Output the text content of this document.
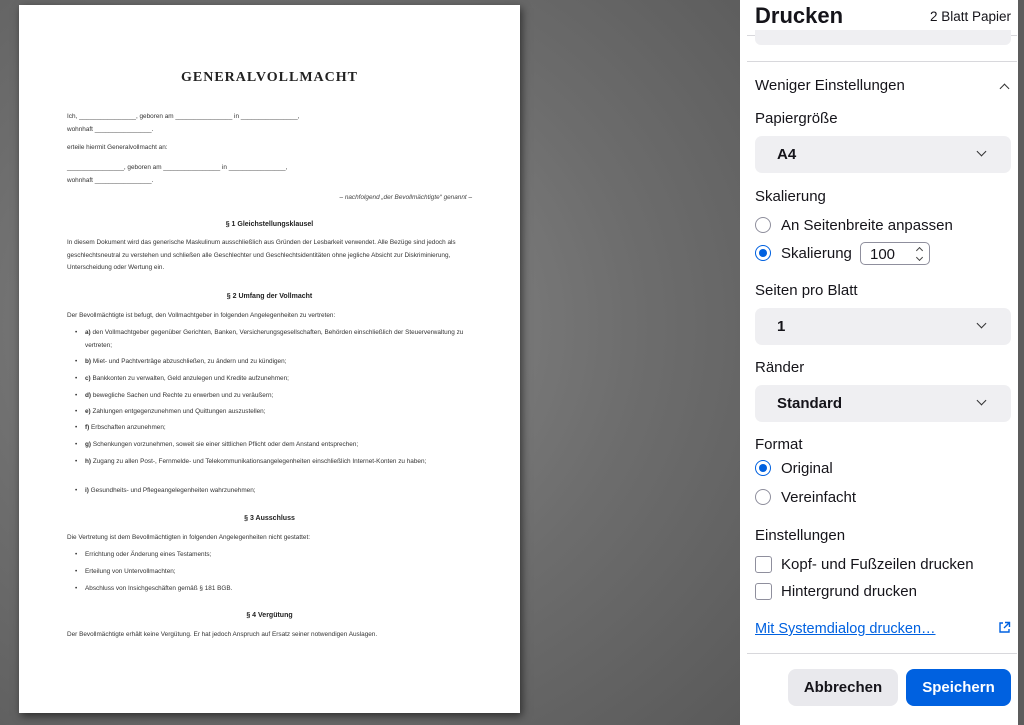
GENERALVOLLMACHT
Ich, ________________, geboren am ________________ in ________________,
wohnhaft ________________.
erteile hiermit Generalvollmacht an:
________________, geboren am ________________ in ________________,
wohnhaft ________________.
– nachfolgend „der Bevollmächtigte“ genannt –
§ 1 Gleichstellungsklausel
In diesem Dokument wird das generische Maskulinum ausschließlich aus Gründen der Lesbarkeit verwendet. Alle Bezüge sind jedoch als geschlechtsneutral zu verstehen und schließen alle Geschlechter und Geschlechtsidentitäten ohne jegliche Absicht zur Diskriminierung, Unterscheidung oder Wertung ein.
§ 2 Umfang der Vollmacht
Der Bevollmächtigte ist befugt, den Vollmachtgeber in folgenden Angelegenheiten zu vertreten:
• a) den Vollmachtgeber gegenüber Gerichten, Banken, Versicherungsgesellschaften, Behörden einschließlich der Steuerverwaltung zu vertreten;
• b) Miet- und Pachtverträge abzuschließen, zu ändern und zu kündigen;
• c) Bankkonten zu verwalten, Geld anzulegen und Kredite aufzunehmen;
• d) bewegliche Sachen und Rechte zu erwerben und zu veräußern;
• e) Zahlungen entgegenzunehmen und Quittungen auszustellen;
• f) Erbschaften anzunehmen;
• g) Schenkungen vorzunehmen, soweit sie einer sittlichen Pflicht oder dem Anstand entsprechen;
• h) Zugang zu allen Post-, Fernmelde- und Telekommunikationsangelegenheiten einschließlich Internet-Konten zu haben;
• i) Gesundheits- und Pflegeangelegenheiten wahrzunehmen;
§ 3 Ausschluss
Die Vertretung ist dem Bevollmächtigten in folgenden Angelegenheiten nicht gestattet:
• Errichtung oder Änderung eines Testaments;
• Erteilung von Untervollmachten;
• Abschluss von Insichgeschäften gemäß § 181 BGB.
§ 4 Vergütung
Der Bevollmächtigte erhält keine Vergütung. Er hat jedoch Anspruch auf Ersatz seiner notwendigen Auslagen.
Drucken	2 Blatt Papier
Weniger Einstellungen
Papiergröße
A4
Skalierung
An Seitenbreite anpassen
Skalierung 100
Seiten pro Blatt
1
Ränder
Standard
Format
Original
Vereinfacht
Einstellungen
Kopf- und Fußzeilen drucken
Hintergrund drucken
Mit Systemdialog drucken…
Abbrechen	Speichern
